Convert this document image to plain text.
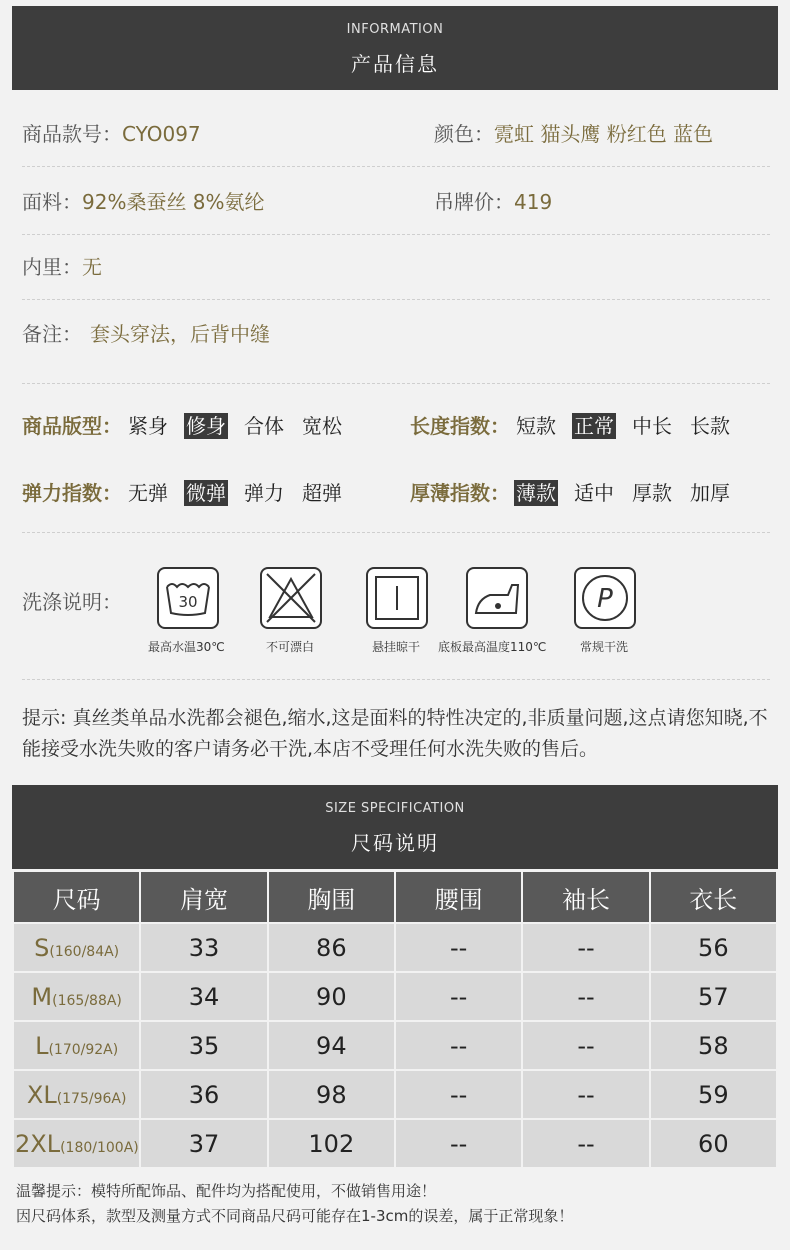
INFORMATION
产品信息
商品款号：CYO097	颜色：霓虹 猫头鹰 粉红色 蓝色
面料：92%桑蚕丝 8%氨纶	吊牌价：419
内里：无
备注： 套头穿法，后背中缝
商品版型： 紧身 修身 合体 宽松	长度指数： 短款 正常 中长 长款
弹力指数： 无弹 微弹 弹力 超弹	厚薄指数： 薄款 适中 厚款 加厚
洗涤说明：	30
最高水温30℃	不可漂白	悬挂晾干 底板最高温度110℃
P
常规干洗
提示: 真丝类单品水洗都会褪色,缩水,这是面料的特性决定的,非质量问题,这点请您知晓,不能接受水洗失败的客户请务必干洗,本店不受理任何水洗失败的售后。
SIZE SPECIFICATION
尺码说明
尺码	肩宽	胸围	腰围	袖长	衣长
S(160/84A)	33	86	--	--	56
M(165/88A)	34	90	--	--	57
L(170/92A)	35	94	--	--	58
XL(175/96A)	36	98	--	--	59
2XL(180/100A)	37	102	--	--	60
温馨提示：模特所配饰品、配件均为搭配使用，不做销售用途！
因尺码体系，款型及测量方式不同商品尺码可能存在1-3cm的误差，属于正常现象！
